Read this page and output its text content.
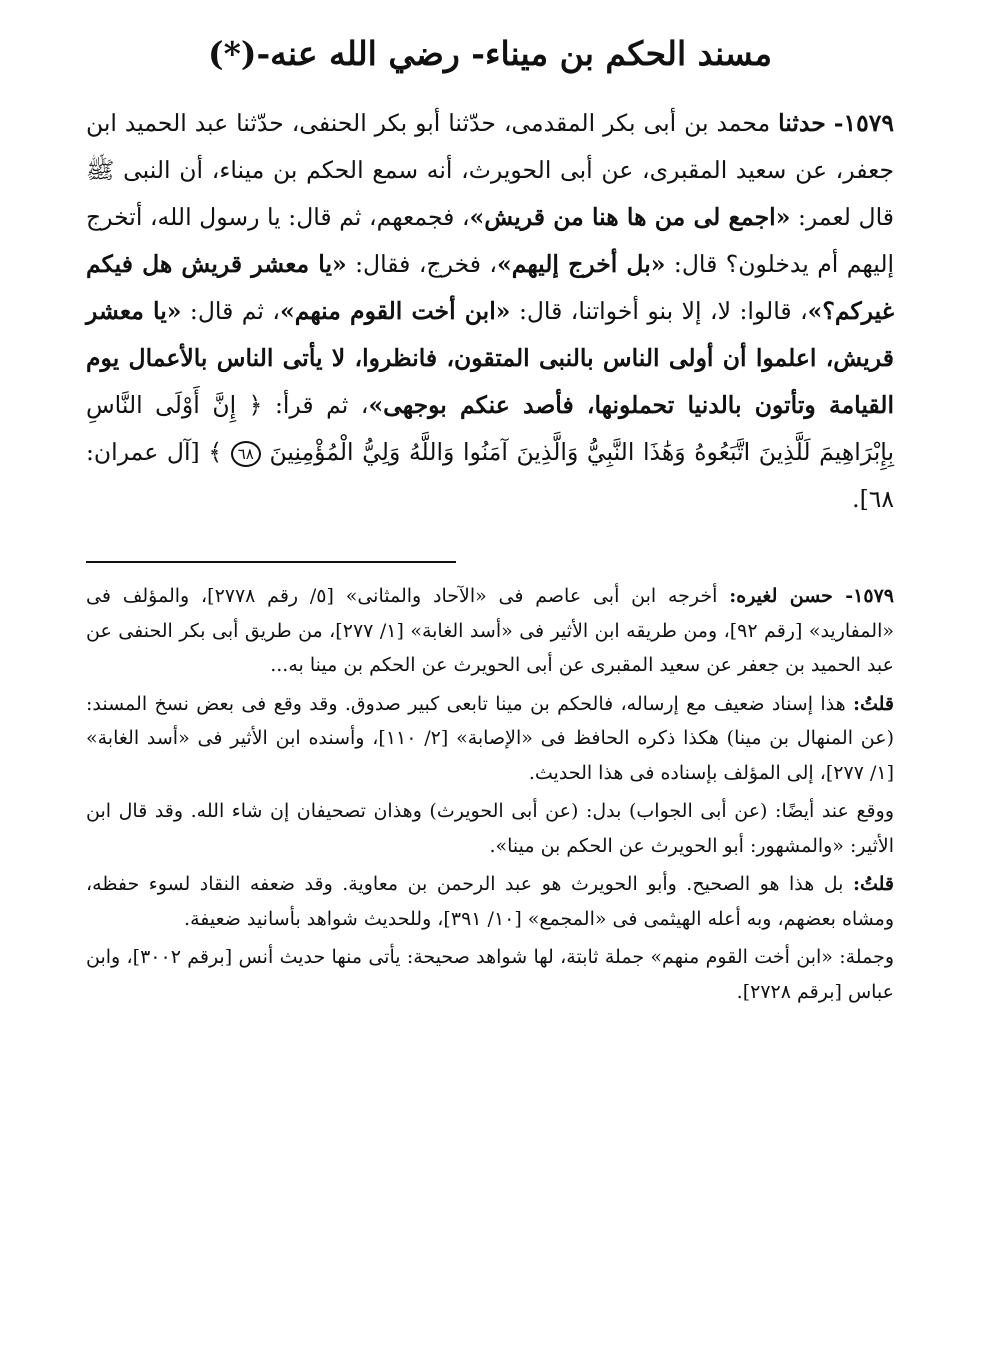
مسند الحكم بن ميناء- رضي الله عنه-(*)

١٥٧٩- حدثنا محمد بن أبى بكر المقدمى، حدّثنا أبو بكر الحنفى، حدّثنا عبد الحميد ابن جعفر، عن سعيد المقبرى، عن أبى الحويرث، أنه سمع الحكم بن ميناء، أن النبى ﷺ قال لعمر: «اجمع لى من ها هنا من قريش»، فجمعهم، ثم قال: يا رسول الله، أتخرج إليهم أم يدخلون؟ قال: «بل أخرج إليهم»، فخرج، فقال: «يا معشر قريش هل فيكم غيركم؟»، قالوا: لا، إلا بنو أخواتنا، قال: «ابن أخت القوم منهم»، ثم قال: «يا معشر قريش، اعلموا أن أولى الناس بالنبى المتقون، فانظروا، لا يأتى الناس بالأعمال يوم القيامة وتأتون بالدنيا تحملونها، فأصد عنكم بوجهى»، ثم قرأ: ﴿ إِنَّ أَوْلَى النَّاسِ بِإِبْرَاهِيمَ لَلَّذِينَ اتَّبَعُوهُ وَهَٰذَا النَّبِيُّ وَالَّذِينَ آمَنُوا وَاللَّهُ وَلِيُّ الْمُؤْمِنِينَ ٦٨ ﴾ [آل عمران: ٦٨].

١٥٧٩- حسن لغيره: أخرجه ابن أبى عاصم فى «الآحاد والمثانى» [٥/ رقم ٢٧٧٨]، والمؤلف فى «المفاريد» [رقم ٩٢]، ومن طريقه ابن الأثير فى «أسد الغابة» [١/ ٢٧٧]، من طريق أبى بكر الحنفى عن عبد الحميد بن جعفر عن سعيد المقبرى عن أبى الحويرث عن الحكم بن مينا به...

قلتُ: هذا إسناد ضعيف مع إرساله، فالحكم بن مينا تابعى كبير صدوق. وقد وقع فى بعض نسخ المسند: (عن المنهال بن مينا) هكذا ذكره الحافظ فى «الإصابة» [٢/ ١١٠]، وأسنده ابن الأثير فى «أسد الغابة» [١/ ٢٧٧]، إلى المؤلف بإسناده فى هذا الحديث.

ووقع عند أيضًا: (عن أبى الجواب) بدل: (عن أبى الحويرث) وهذان تصحيفان إن شاء الله. وقد قال ابن الأثير: «والمشهور: أبو الحويرث عن الحكم بن مينا».

قلتُ: بل هذا هو الصحيح. وأبو الحويرث هو عبد الرحمن بن معاوية. وقد ضعفه النقاد لسوء حفظه، ومشاه بعضهم، وبه أعله الهيثمى فى «المجمع» [١٠/ ٣٩١]، وللحديث شواهد بأسانيد ضعيفة.

وجملة: «ابن أخت القوم منهم» جملة ثابتة، لها شواهد صحيحة: يأتى منها حديث أنس [برقم ٣٠٠٢]، وابن عباس [برقم ٢٧٢٨].
